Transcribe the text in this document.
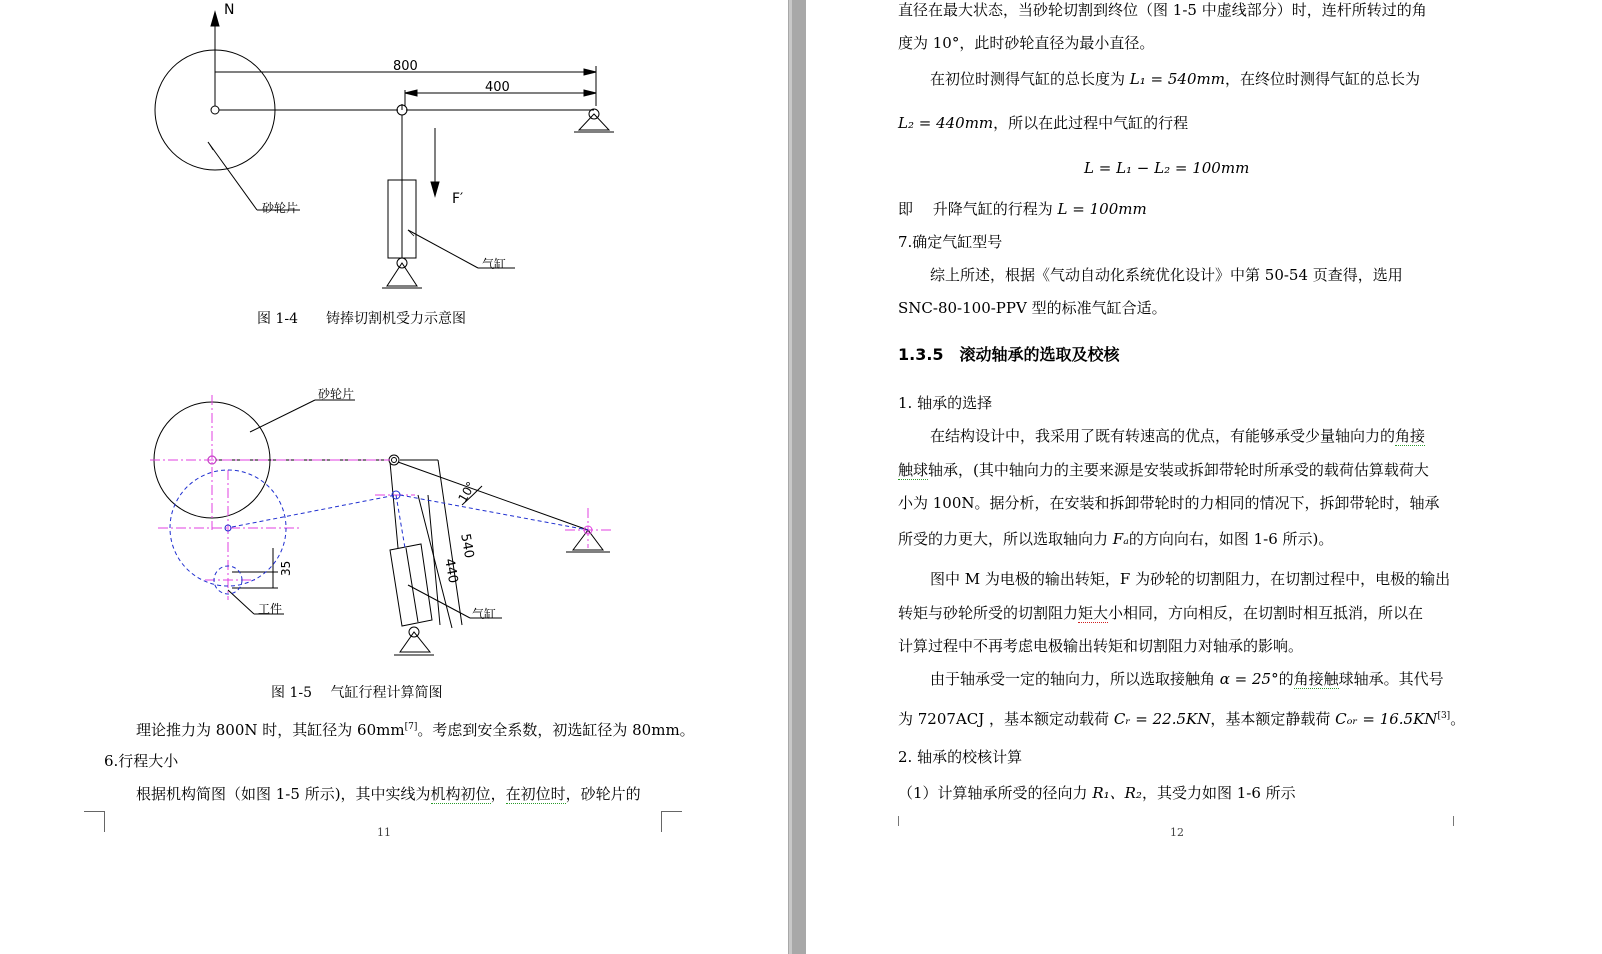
N
800
400
F′
砂轮片
气缸
图 1-4　　铸捧切割机受力示意图
砂轮片
10°
540
440
35
工件	气缸
图 1-5　 气缸行程计算简图
理论推力为 800N 时，其缸径为 60mm[7]。考虑到安全系数，初选缸径为 80mm。
6.行程大小
根据机构简图（如图 1-5 所示)，其中实线为机构初位，在初位时，砂轮片的
11
直径在最大状态，当砂轮切割到终位（图 1-5 中虚线部分）时，连杆所转过的角
度为 10°，此时砂轮直径为最小直径。
在初位时测得气缸的总长度为 L₁ = 540mm，在终位时测得气缸的总长为
L₂ = 440mm，所以在此过程中气缸的行程
L = L₁ − L₂ = 100mm
即　 升降气缸的行程为 L = 100mm
7.确定气缸型号
综上所述，根据《气动自动化系统优化设计》中第 50-54 页查得，选用
SNC-80-100-PPV 型的标准气缸合适。
1.3.5　滚动轴承的选取及校核
1. 轴承的选择
在结构设计中，我采用了既有转速高的优点，有能够承受少量轴向力的角接
触球轴承，(其中轴向力的主要来源是安装或拆卸带轮时所承受的载荷估算载荷大
小为 100N。据分析，在安装和拆卸带轮时的力相同的情况下，拆卸带轮时，轴承
所受的力更大，所以选取轴向力 Fₐ的方向向右，如图 1-6 所示)。
图中 M 为电极的输出转矩，F 为砂轮的切割阻力，在切割过程中，电极的输出
转矩与砂轮所受的切割阻力矩大小相同，方向相反，在切割时相互抵消，所以在
计算过程中不再考虑电极输出转矩和切割阻力对轴承的影响。
由于轴承受一定的轴向力，所以选取接触角 α = 25°的角接触球轴承。其代号
为 7207ACJ ，基本额定动载荷 Cᵣ = 22.5KN，基本额定静载荷 Cₒᵣ = 16.5KN[3]。
2. 轴承的校核计算
（1）计算轴承所受的径向力 R₁、R₂，其受力如图 1-6 所示
12
